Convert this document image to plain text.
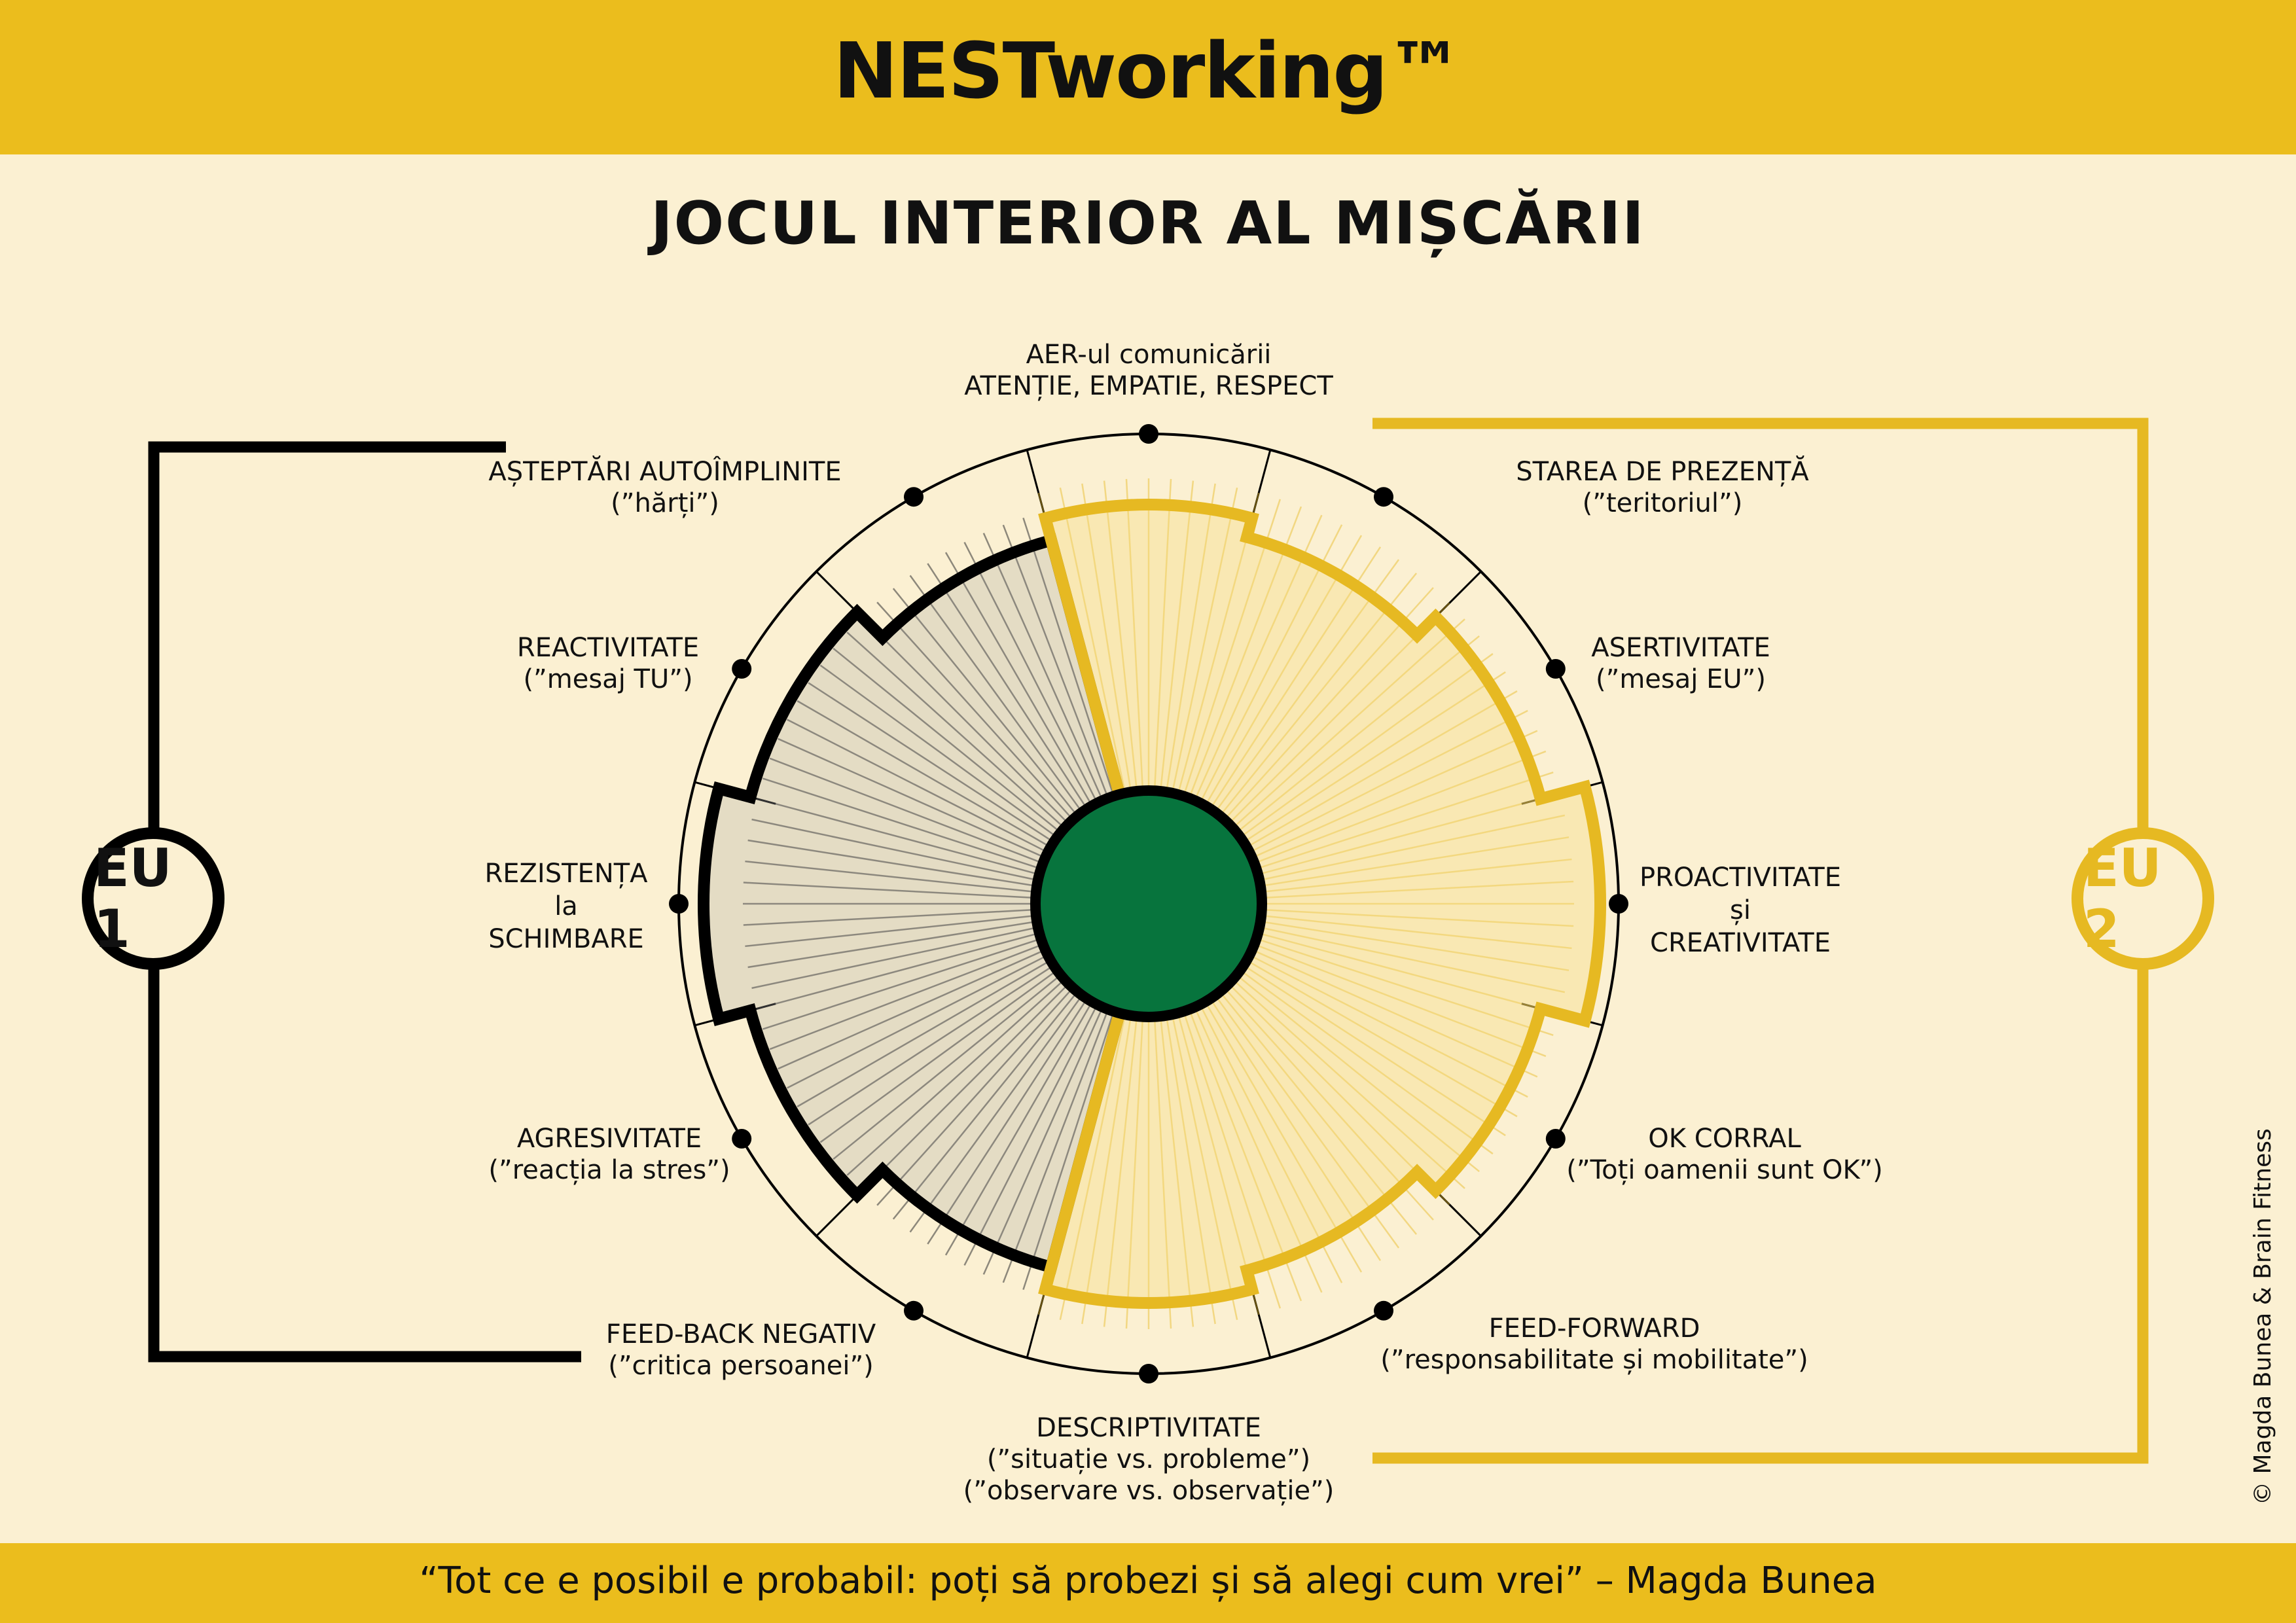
NESTworking™
JOCUL INTERIOR AL MIȘCĂRII
AER-ul comunicării
ATENȚIE, EMPATIE, RESPECT
AȘTEPTĂRI AUTOÎMPLINITE
(”hărți”)
STAREA DE PREZENȚĂ
(”teritoriul”)
REACTIVITATE
(”mesaj TU”)
ASERTIVITATE
(”mesaj EU”)
REZISTENȚA
la
SCHIMBARE
PROACTIVITATE
și
CREATIVITATE
AGRESIVITATE
(”reacția la stres”)
OK CORRAL
(”Toți oamenii sunt OK”)
FEED-BACK NEGATIV
(”critica persoanei”)
FEED-FORWARD
(”responsabilitate și mobilitate”)
DESCRIPTIVITATE
(”situație vs. probleme”)
(”observare vs. observație”)
EU 1
EU 2
“Tot ce e posibil e probabil: poți să probezi și să alegi cum vrei” – Magda Bunea
© Magda Bunea & Brain Fitness
